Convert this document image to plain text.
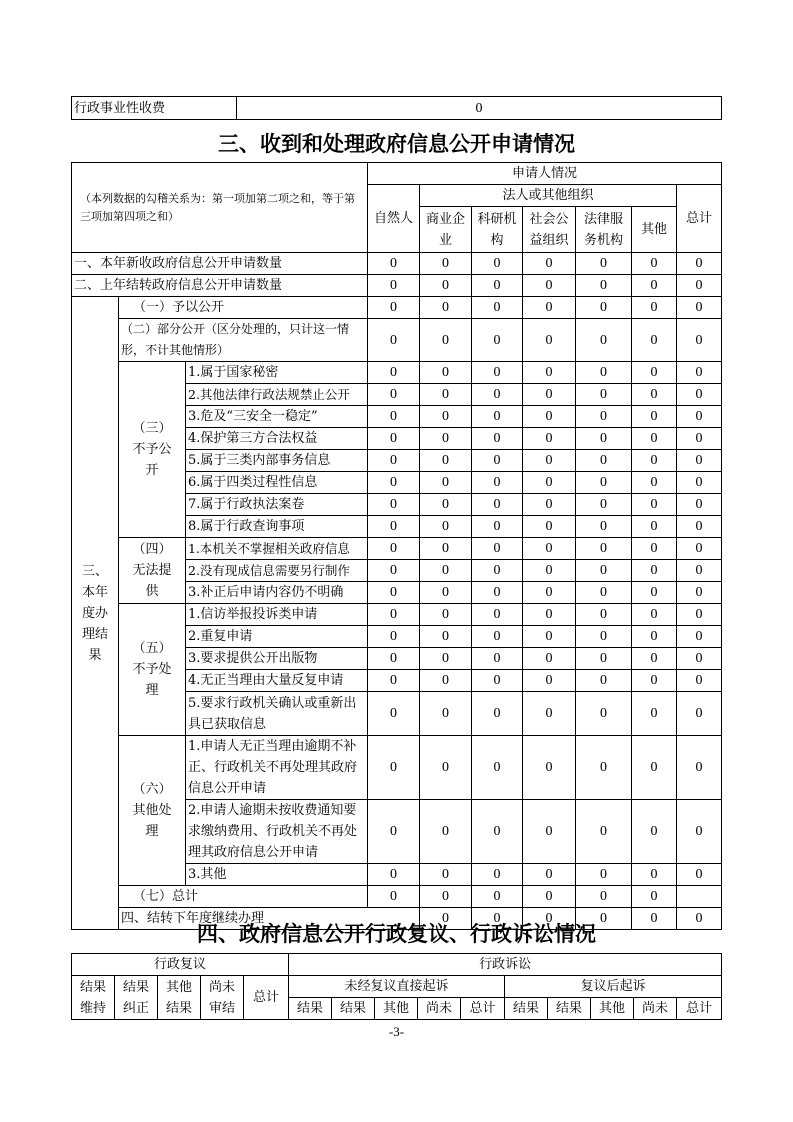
行政事业性收费	0
三、收到和处理政府信息公开申请情况
（本列数据的勾稽关系为：第一项加第二项之和，等于第三项加第四项之和）			申请人情况							
			自然人	法人或其他组织					总计	
				商业企业	科研机构	社会公益组织	法律服务机构	其他		
一、本年新收政府信息公开申请数量			0	0	0	0	0	0	0	
二、上年结转政府信息公开申请数量			0	0	0	0	0	0	0	
三、本年度办理结果	（一）予以公开		0	0	0	0	0	0	0	
	（二）部分公开（区分处理的，只计这一情形，不计其他情形）		0	0	0	0	0	0	0	
	（三）不予公开	1.属于国家秘密	0	0	0	0	0	0	0	
		2.其他法律行政法规禁止公开	0	0	0	0	0	0	0	
		3.危及“三安全一稳定”	0	0	0	0	0	0	0	
		4.保护第三方合法权益	0	0	0	0	0	0	0	
		5.属于三类内部事务信息	0	0	0	0	0	0	0	
		6.属于四类过程性信息	0	0	0	0	0	0	0	
		7.属于行政执法案卷	0	0	0	0	0	0	0	
		8.属于行政查询事项	0	0	0	0	0	0	0	
	（四）无法提供	1.本机关不掌握相关政府信息	0	0	0	0	0	0	0	
		2.没有现成信息需要另行制作	0	0	0	0	0	0	0	
		3.补正后申请内容仍不明确	0	0	0	0	0	0	0	
	（五）不予处理	1.信访举报投诉类申请	0	0	0	0	0	0	0	
		2.重复申请	0	0	0	0	0	0	0	
		3.要求提供公开出版物	0	0	0	0	0	0	0	
		4.无正当理由大量反复申请	0	0	0	0	0	0	0	
		5.要求行政机关确认或重新出具已获取信息	0	0	0	0	0	0	0	
	（六）其他处理	1.申请人无正当理由逾期不补正、行政机关不再处理其政府信息公开申请	0	0	0	0	0	0	0	
		2.申请人逾期未按收费通知要求缴纳费用、行政机关不再处理其政府信息公开申请	0	0	0	0	0	0	0	
		3.其他	0	0	0	0	0	0	0	
	（七）总计		0	0	0	0	0	0		
	四、结转下年度继续办理			0	0	0	0	0	0	
四、政府信息公开行政复议、行政诉讼情况
行政复议					行政诉讼									
结果维持	结果纠正	其他结果	尚未审结	总计	未经复议直接起诉					复议后起诉				
					结果	结果	其他	尚未	总计	结果	结果	其他	尚未	总计
-3-
